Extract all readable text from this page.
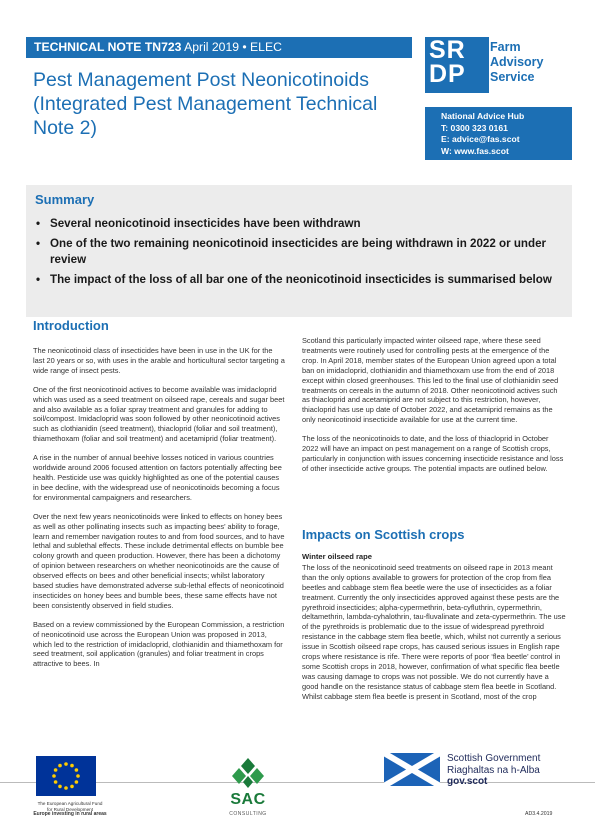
TECHNICAL NOTE TN723 April 2019 • ELEC
Pest Management Post Neonicotinoids (Integrated Pest Management Technical Note 2)
SR
DP
Farm
Advisory
Service
National Advice Hub
T: 0300 323 0161
E: advice@fas.scot
W: www.fas.scot
Summary
• Several neonicotinoid insecticides have been withdrawn
• One of the two remaining neonicotinoid insecticides are being withdrawn in 2022 or under review
• The impact of the loss of all bar one of the neonicotinoid insecticides is summarised below
Introduction

The neonicotinoid class of insecticides have been in use in the UK for the last 20 years or so, with uses in the arable and horticultural sector targeting a wide range of insect pests.

One of the first neonicotinoid actives to become available was imidacloprid which was used as a seed treatment on oilseed rape, cereals and sugar beet and also available as a foliar spray treatment and granules for adding to soil/compost. Imidacloprid was soon followed by other neonicotinoid actives such as clothianidin (seed treatment), thiacloprid (foliar and soil treatment), thiamethoxam (foliar and soil treatment) and acetamiprid (foliar treatment).

A rise in the number of annual beehive losses noticed in various countries worldwide around 2006 focused attention on factors potentially affecting bee health. Pesticide use was quickly highlighted as one of the potential causes in bee decline, with the widespread use of neonicotinoids becoming a focus for environmental campaigners and researchers.

Over the next few years neonicotinoids were linked to effects on honey bees as well as other pollinating insects such as impacting bees’ ability to forage, learn and remember navigation routes to and from food sources, and to have lethal and sublethal effects. These include detrimental effects on bumble bee colony growth and queen production. However, there has been a dichotomy of opinion between researchers on whether neonicotinoids are the cause of observed effects on bees and other beneficial insects; whilst laboratory based studies have demonstrated adverse sub-lethal effects of neonicotinoid insecticides on honey bees and bumble bees, these same effects have not been consistently observed in field studies.

Based on a review commissioned by the European Commission, a restriction of neonicotinoid use across the European Union was proposed in 2013, which led to the restriction of imidacloprid, clothianidin and thiamethoxam for seed treatment, soil application (granules) and foliar treatment in crops attractive to bees. In

Scotland this particularly impacted winter oilseed rape, where these seed treatments were routinely used for controlling pests at the emergence of the crop. In April 2018, member states of the European Union agreed upon a total ban on imidacloprid, clothianidin and thiamethoxam use from the end of 2018 except within closed greenhouses. This led to the final use of clothianidin seed treatments on cereals in the autumn of 2018. Other neonicotinoid actives such as thiacloprid and acetamiprid are not subject to this restriction, however, thiacloprid has use up date of October 2022, and acetamiprid remains as the only neonicotinoid insecticide available for use at the current time.

The loss of the neonicotinoids to date, and the loss of thiacloprid in October 2022 will have an impact on pest management on a range of Scottish crops, particularly in conjunction with issues concerning insecticide resistance and loss of other insecticide active groups. The potential impacts are outlined below.

Impacts on Scottish crops
Winter oilseed rape

The loss of the neonicotinoid seed treatments on oilseed rape in 2013 meant than the only options available to growers for protection of the crop from flea beetles and cabbage stem flea beetle were the use of insecticides as a foliar treatment. Currently the only insecticides approved against these pests are the pyrethroid insecticides; alpha-cypermethrin, beta-cyfluthrin, cypermethrin, deltamethrin, lambda-cyhalothrin, tau-fluvalinate and zeta-cypermethrin. The use of the pyrethroids is problematic due to the issue of widespread pyrethroid resistance in the cabbage stem flea beetle, which, whilst not currently a serious issue in Scottish oilseed rape crops, has caused serious issues in English rape crops where resistance is rife. There were reports of poor ‘flea beetle’ control in some Scottish crops in 2018, however, confirmation of what specific flea beetle was causing damage to crops was not possible. We do not currently have a good handle on the resistance status of cabbage stem flea beetle in Scotland. Whilst cabbage stem flea beetle is present in Scotland, most of the crop

The European Agricultural Fund
for Rural Development
Europe investing in rural areas
SAC
CONSULTING
Scottish Government
Riaghaltas na h-Alba
gov.scot
AD3.4.2019
